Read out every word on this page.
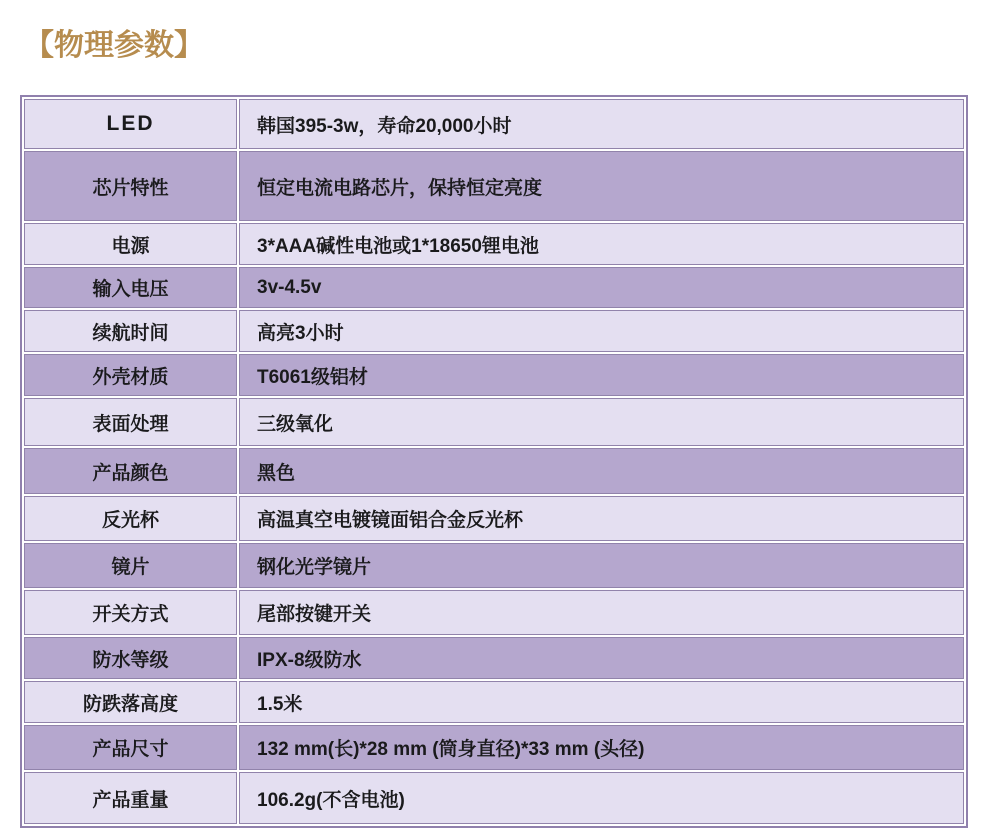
【物理参数】
LED	韩国395-3w，寿命20,000小时
芯片特性	恒定电流电路芯片，保持恒定亮度
电源	3*AAA碱性电池或1*18650锂电池
输入电压	3v-4.5v
续航时间	高亮3小时
外壳材质	T6061级铝材
表面处理	三级氧化
产品颜色	黑色
反光杯	高温真空电镀镜面铝合金反光杯
镜片	钢化光学镜片
开关方式	尾部按键开关
防水等级	IPX-8级防水
防跌落高度	1.5米
产品尺寸	132 mm(长)*28 mm (筒身直径)*33 mm (头径)
产品重量	106.2g(不含电池)
